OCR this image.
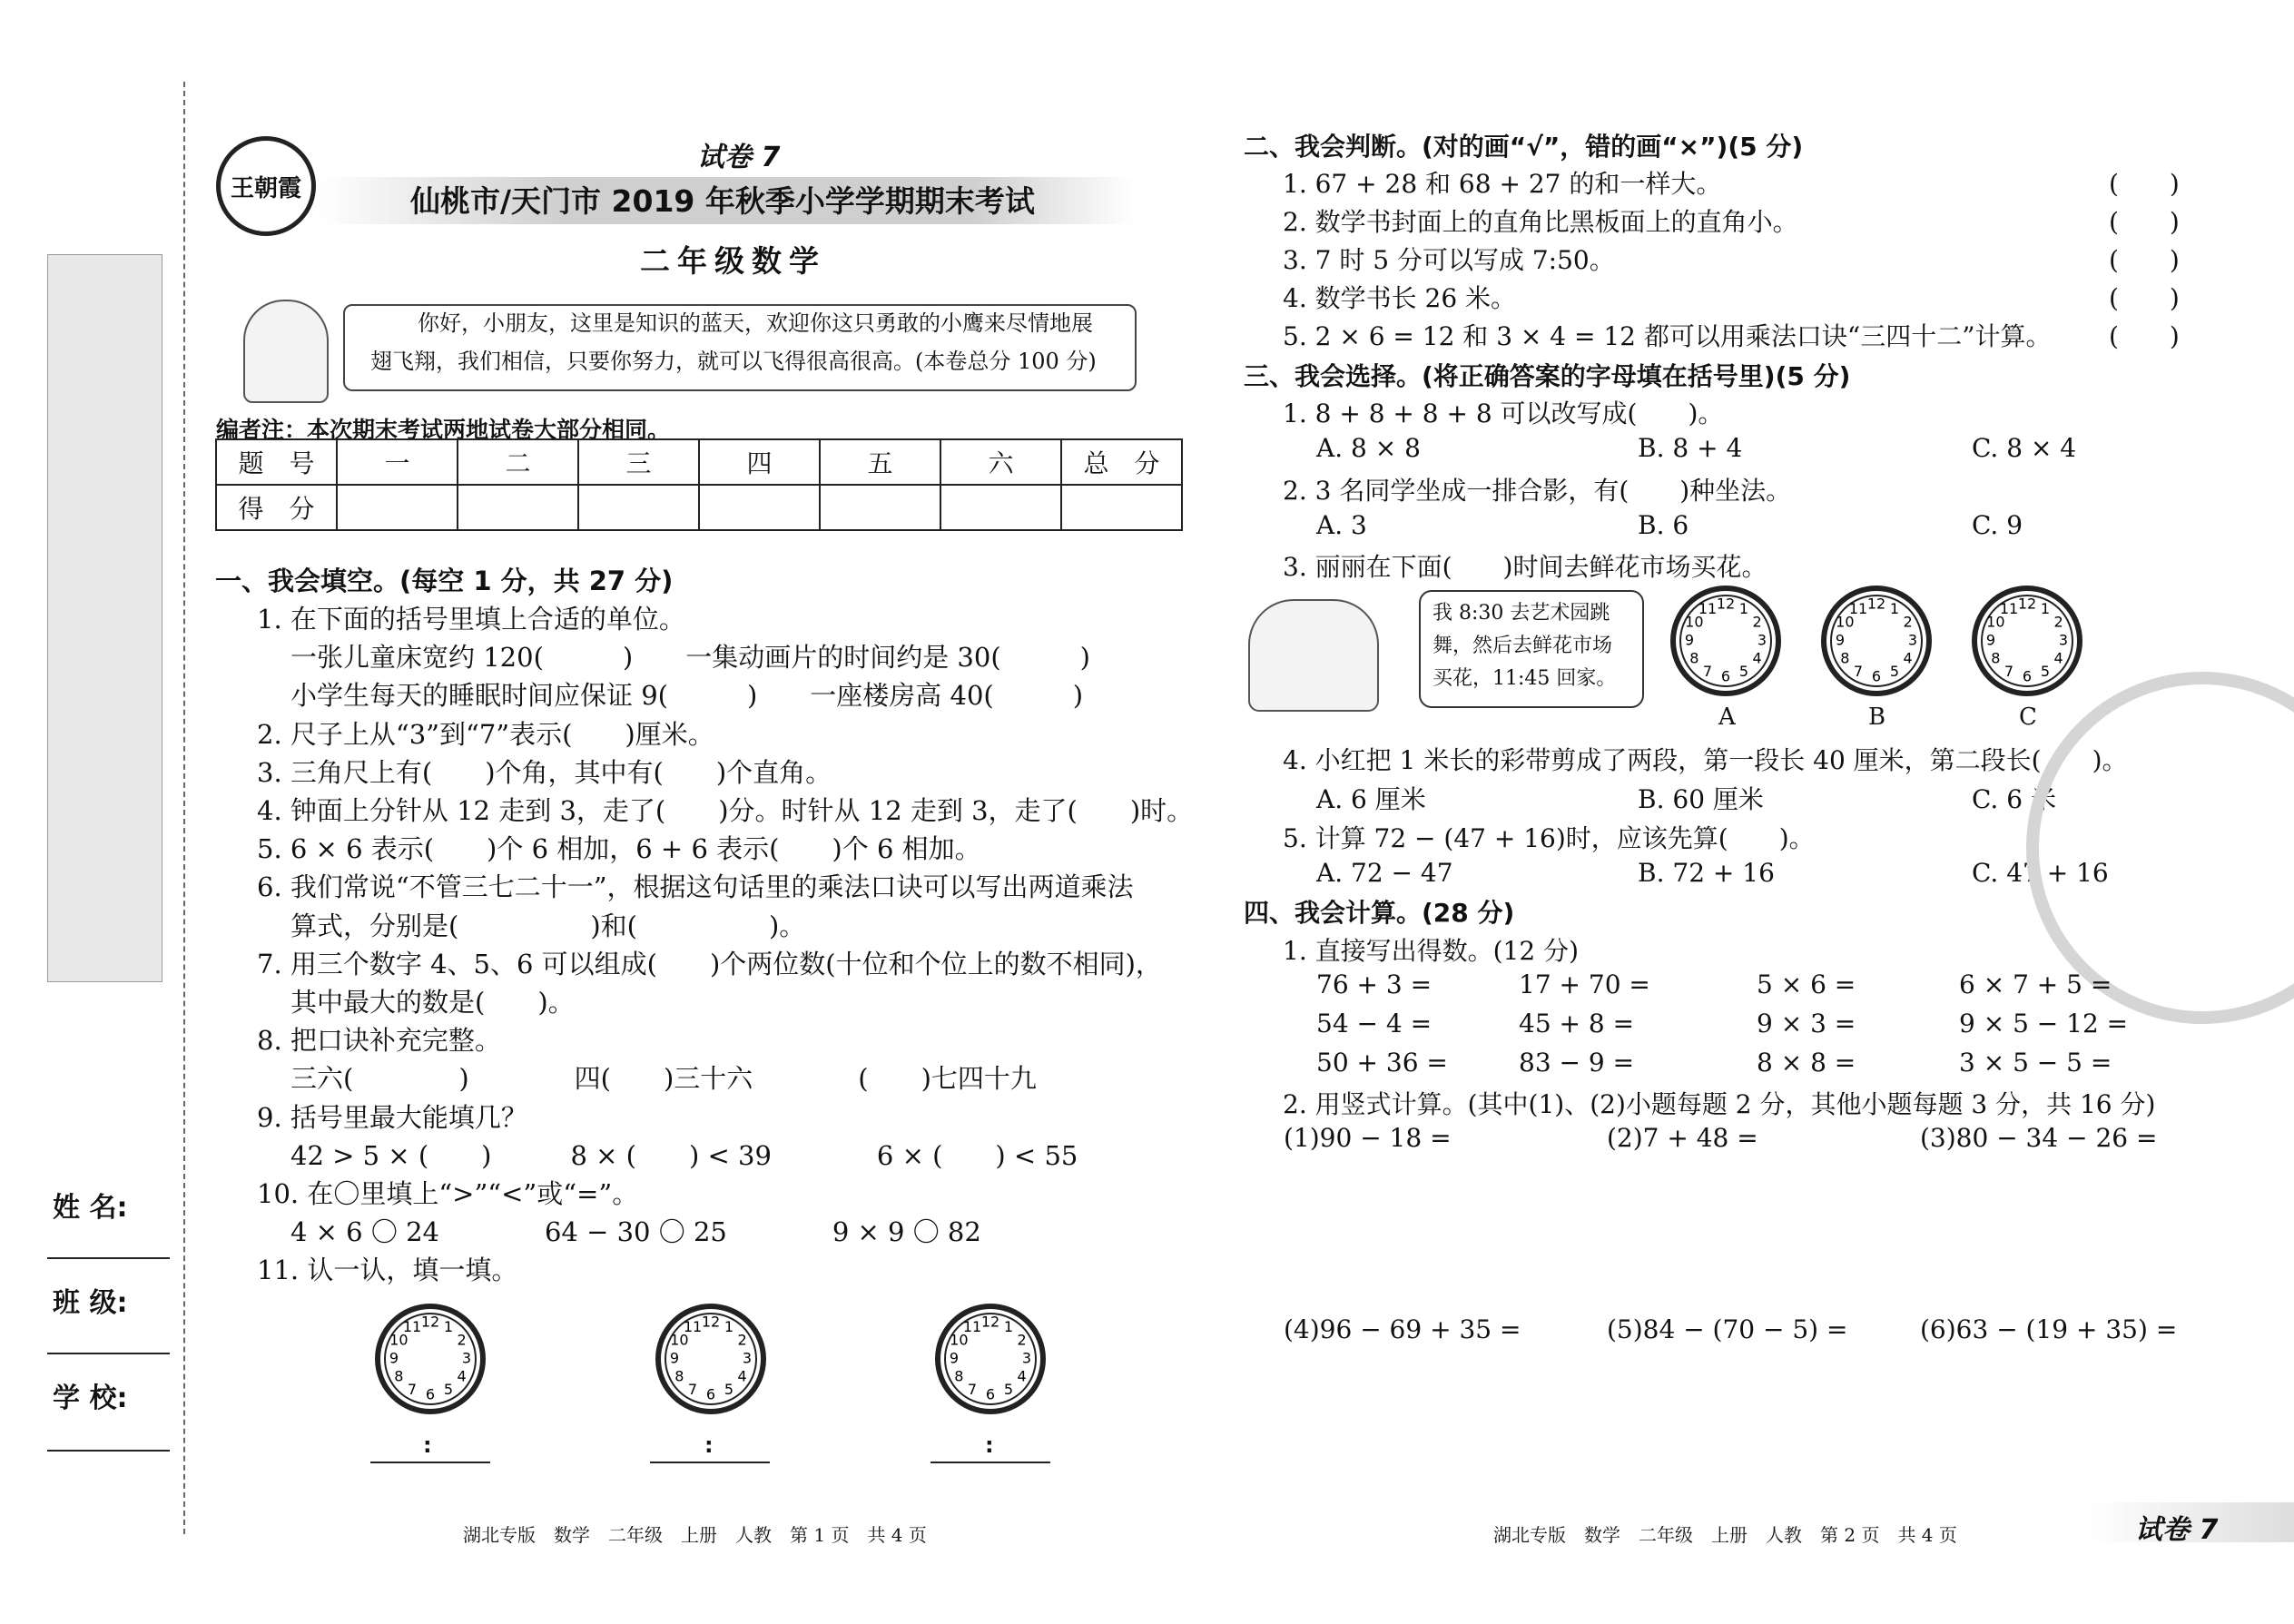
姓 名:
班 级:
学 校:
王朝霞
试卷 7
仙桃市/天门市 2019 年秋季小学学期期末考试
二年级数学
你好，小朋友，这里是知识的蓝天，欢迎你这只勇敢的小鹰来尽情地展
翅飞翔，我们相信，只要你努力，就可以飞得很高很高。(本卷总分 100 分)
编者注：本次期末考试两地试卷大部分相同。
题　号	一	二	三	四	五	六	总　分
得　分							
一、我会填空。(每空 1 分，共 27 分)
1. 在下面的括号里填上合适的单位。
一张儿童床宽约 120(　　　)　　一集动画片的时间约是 30(　　　)
小学生每天的睡眠时间应保证 9(　　　)　　一座楼房高 40(　　　)
2. 尺子上从“3”到“7”表示(　　)厘米。
3. 三角尺上有(　　)个角，其中有(　　)个直角。
4. 钟面上分针从 12 走到 3，走了(　　)分。时针从 12 走到 3，走了(　　)时。
5. 6 × 6 表示(　　)个 6 相加，6 + 6 表示(　　)个 6 相加。
6. 我们常说“不管三七二十一”，根据这句话里的乘法口诀可以写出两道乘法
算式，分别是(　　　　　)和(　　　　　)。
7. 用三个数字 4、5、6 可以组成(　　)个两位数(十位和个位上的数不相同)，
其中最大的数是(　　)。
8. 把口诀补充完整。
三六(　　　　)　　　　四(　　)三十六　　　　(　　)七四十九
9. 括号里最大能填几？
42 > 5 × (　　)　　　8 × (　　) < 39　　　　6 × (　　) < 55
10. 在〇里填上“>”“<”或“=”。
4 × 6 〇 24　　　　64 − 30 〇 25　　　　9 × 9 〇 82
11. 认一认，填一填。
1
2
3
4
5
6
7
8
9
10
11 12	1
2
3
4
5
6
7
8
9
10
11 12	1
2
3
4
5
6
7
8
9
10
11 12
:	:	:
二、我会判断。(对的画“√”，错的画“×”)(5 分)
1. 67 + 28 和 68 + 27 的和一样大。	(　　)
2. 数学书封面上的直角比黑板面上的直角小。	(　　)
3. 7 时 5 分可以写成 7:50。	(　　)
4. 数学书长 26 米。	(　　)
5. 2 × 6 = 12 和 3 × 4 = 12 都可以用乘法口诀“三四十二”计算。 (　　)
三、我会选择。(将正确答案的字母填在括号里)(5 分)
1. 8 + 8 + 8 + 8 可以改写成(　　)。
A. 8 × 8	B. 8 + 4	C. 8 × 4
2. 3 名同学坐成一排合影，有(　　)种坐法。
A. 3	B. 6	C. 9
3. 丽丽在下面(　　)时间去鲜花市场买花。
4. 小红把 1 米长的彩带剪成了两段，第一段长 40 厘米，第二段长(　　)。
A. 6 厘米	B. 60 厘米	C. 6 米
5. 计算 72 − (47 + 16)时，应该先算(　　)。
A. 72 − 47	B. 72 + 16	C. 47 + 16
我 8:30 去艺术园跳
舞，然后去鲜花市场
买花，11:45 回家。
1
2
3
4
5
6
7
8
9
10
11 12	1
2
3
4
5
6
7
8
9
10
11 12	1
2
3
4
5
6
7
8
9
10
11 12
A	B	C
四、我会计算。(28 分)
1. 直接写出得数。(12 分)
76 + 3 =	17 + 70 =	5 × 6 =	6 × 7 + 5 =
54 − 4 =	45 + 8 =	9 × 3 =	9 × 5 − 12 =
50 + 36 =	83 − 9 =	8 × 8 =	3 × 5 − 5 =
2. 用竖式计算。(其中(1)、(2)小题每题 2 分，其他小题每题 3 分，共 16 分)
(1)90 − 18 =	(2)7 + 48 =	(3)80 − 34 − 26 =
(4)96 − 69 + 35 =	(5)84 − (70 − 5) =	(6)63 − (19 + 35) =
湖北专版　数学　二年级　上册　人教　第 1 页　共 4 页	湖北专版　数学　二年级　上册　人教　第 2 页　共 4 页	试卷 7
